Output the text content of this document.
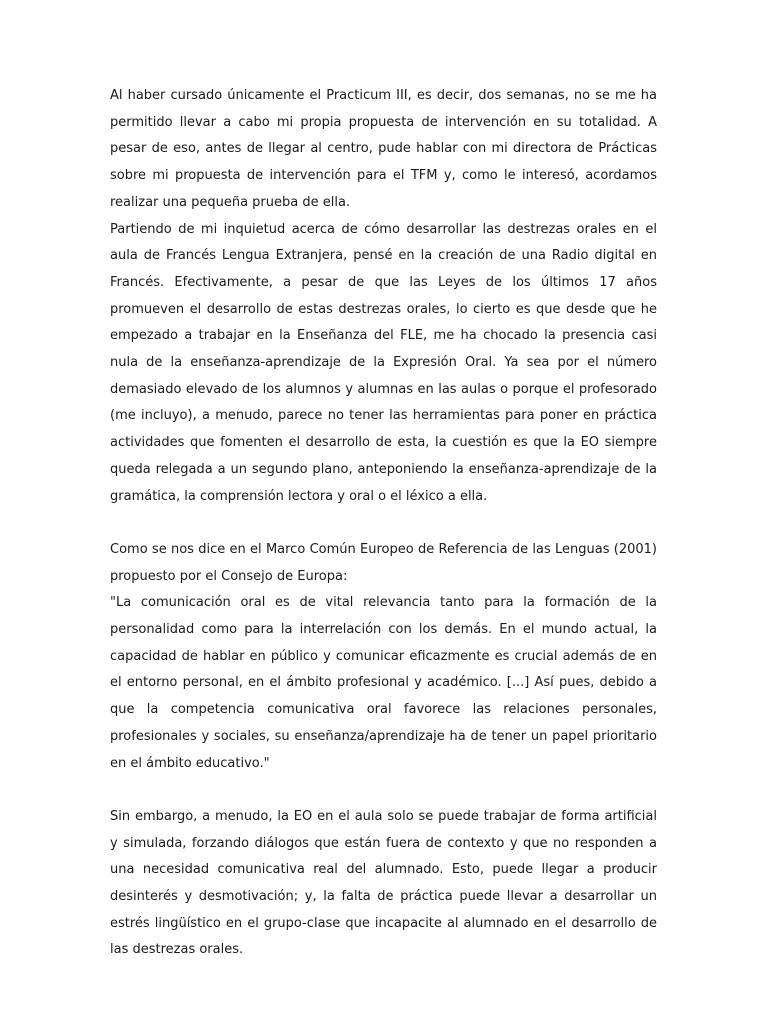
Al haber cursado únicamente el Practicum III, es decir, dos semanas, no se me ha permitido llevar a cabo mi propia propuesta de intervención en su totalidad. A pesar de eso, antes de llegar al centro, pude hablar con mi directora de Prácticas sobre mi propuesta de intervención para el TFM y, como le interesó, acordamos realizar una pequeña prueba de ella.

Partiendo de mi inquietud acerca de cómo desarrollar las destrezas orales en el aula de Francés Lengua Extranjera, pensé en la creación de una Radio digital en Francés. Efectivamente, a pesar de que las Leyes de los últimos 17 años promueven el desarrollo de estas destrezas orales, lo cierto es que desde que he empezado a trabajar en la Enseñanza del FLE, me ha chocado la presencia casi nula de la enseñanza-aprendizaje de la Expresión Oral. Ya sea por el número demasiado elevado de los alumnos y alumnas en las aulas o porque el profesorado (me incluyo), a menudo, parece no tener las herramientas para poner en práctica actividades que fomenten el desarrollo de esta, la cuestión es que la EO siempre queda relegada a un segundo plano, anteponiendo la enseñanza-aprendizaje de la gramática, la comprensión lectora y oral o el léxico a ella.

Como se nos dice en el Marco Común Europeo de Referencia de las Lenguas (2001) propuesto por el Consejo de Europa:

"La comunicación oral es de vital relevancia tanto para la formación de la personalidad como para la interrelación con los demás. En el mundo actual, la capacidad de hablar en público y comunicar eficazmente es crucial además de en el entorno personal, en el ámbito profesional y académico. [...] Así pues, debido a que la competencia comunicativa oral favorece las relaciones personales, profesionales y sociales, su enseñanza/aprendizaje ha de tener un papel prioritario en el ámbito educativo."

Sin embargo, a menudo, la EO en el aula solo se puede trabajar de forma artificial y simulada, forzando diálogos que están fuera de contexto y que no responden a una necesidad comunicativa real del alumnado. Esto, puede llegar a producir desinterés y desmotivación; y, la falta de práctica puede llevar a desarrollar un estrés lingüístico en el grupo-clase que incapacite al alumnado en el desarrollo de las destrezas orales.
